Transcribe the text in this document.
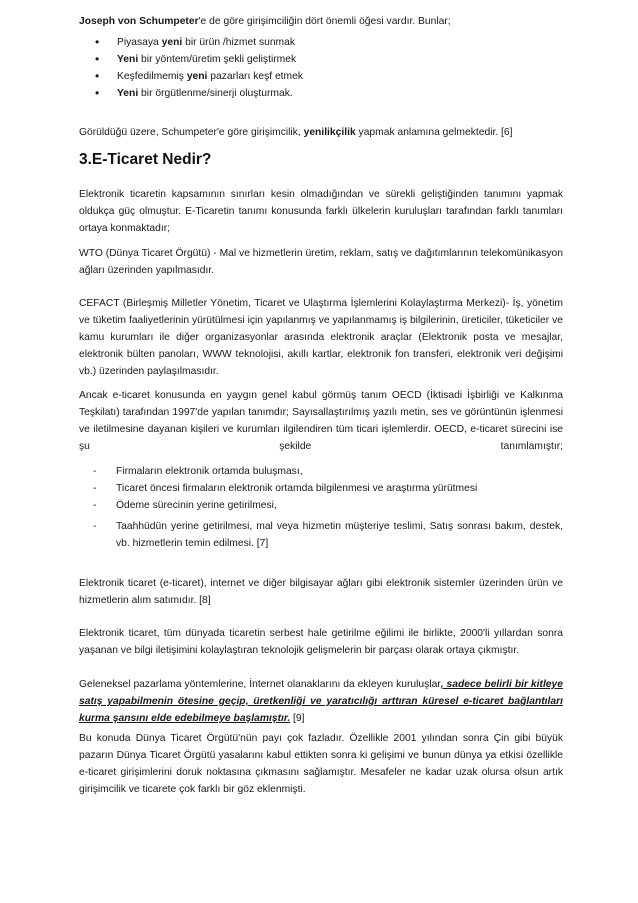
Joseph von Schumpeter'e de göre girişimciliğin dört önemli öğesi vardır. Bunlar;
• Piyasaya yeni bir ürün /hizmet sunmak
• Yeni bir yöntem/üretim şekli geliştirmek
• Keşfedilmemiş yeni pazarları keşf etmek
• Yeni bir örgütlenme/sinerji oluşturmak.
Görüldüğü üzere, Schumpeter'e göre girişimcilik, yenilikçilik yapmak anlamına gelmektedir. [6]
3.E-Ticaret Nedir?
Elektronik ticaretin kapsamının sınırları kesin olmadığından ve sürekli geliştiğinden tanımını yapmak oldukça güç olmuştur. E-Ticaretin tanımı konusunda farklı ülkelerin kuruluşları tarafından farklı tanımları ortaya konmaktadır;
WTO (Dünya Ticaret Örgütü) - Mal ve hizmetlerin üretim, reklam, satış ve dağıtımlarının telekomünikasyon ağları üzerinden yapılmasıdır.
CEFACT (Birleşmiş Milletler Yönetim, Ticaret ve Ulaştırma İşlemlerini Kolaylaştırma Merkezi)- İş, yönetim ve tüketim faaliyetlerinin yürütülmesi için yapılanmış ve yapılanmamış iş bilgilerinin, üreticiler, tüketiciler ve kamu kurumları ile diğer organizasyonlar arasında elektronik araçlar (Elektronik posta ve mesajlar, elektronik bülten panoları, WWW teknolojisi, akıllı kartlar, elektronik fon transferi, elektronik veri değişimi vb.) üzerinden paylaşılmasıdır.
Ancak e-ticaret konusunda en yaygın genel kabul görmüş tanım OECD (İktisadi İşbirliği ve Kalkınma Teşkilatı) tarafından 1997'de yapılan tanımdır; Sayısallaştırılmış yazılı metin, ses ve görüntünün işlenmesi ve iletilmesine dayanan kişileri ve kurumları ilgilendiren tüm ticari işlemlerdir. OECD, e-ticaret sürecini ise şu şekilde tanımlamıştır;
- Firmaların elektronik ortamda buluşması,
- Ticaret öncesi firmaların elektronik ortamda bilgilenmesi ve araştırma yürütmesi
- Ödeme sürecinin yerine getirilmesi,
- Taahhüdün yerine getirilmesi, mal veya hizmetin müşteriye teslimi, Satış sonrası bakım, destek, vb. hizmetlerin temin edilmesi. [7]
Elektronik ticaret (e-ticaret), internet ve diğer bilgisayar ağları gibi elektronik sistemler üzerinden ürün ve hizmetlerin alım satımıdır. [8]
Elektronik ticaret, tüm dünyada ticaretin serbest hale getirilme eğilimi ile birlikte, 2000'li yıllardan sonra yaşanan ve bilgi iletişimini kolaylaştıran teknolojik gelişmelerin bir parçası olarak ortaya çıkmıştır.
Geleneksel pazarlama yöntemlerine, İnternet olanaklarını da ekleyen kuruluşlar, sadece belirli bir kitleye satış yapabilmenin ötesine geçip, üretkenliği ve yaratıcılığı arttıran küresel e-ticaret bağlantıları kurma şansını elde edebilmeye başlamıştır. [9]
Bu konuda Dünya Ticaret Örgütü'nün payı çok fazladır. Özellikle 2001 yılından sonra Çin gibi büyük pazarın Dünya Ticaret Örgütü yasalarını kabul ettikten sonra ki gelişimi ve bunun dünya ya etkisi özellikle e-ticaret girişimlerini doruk noktasına çıkmasını sağlamıştır. Mesafeler ne kadar uzak olursa olsun artık girişimcilik ve ticarete çok farklı bir göz eklenmişti.
